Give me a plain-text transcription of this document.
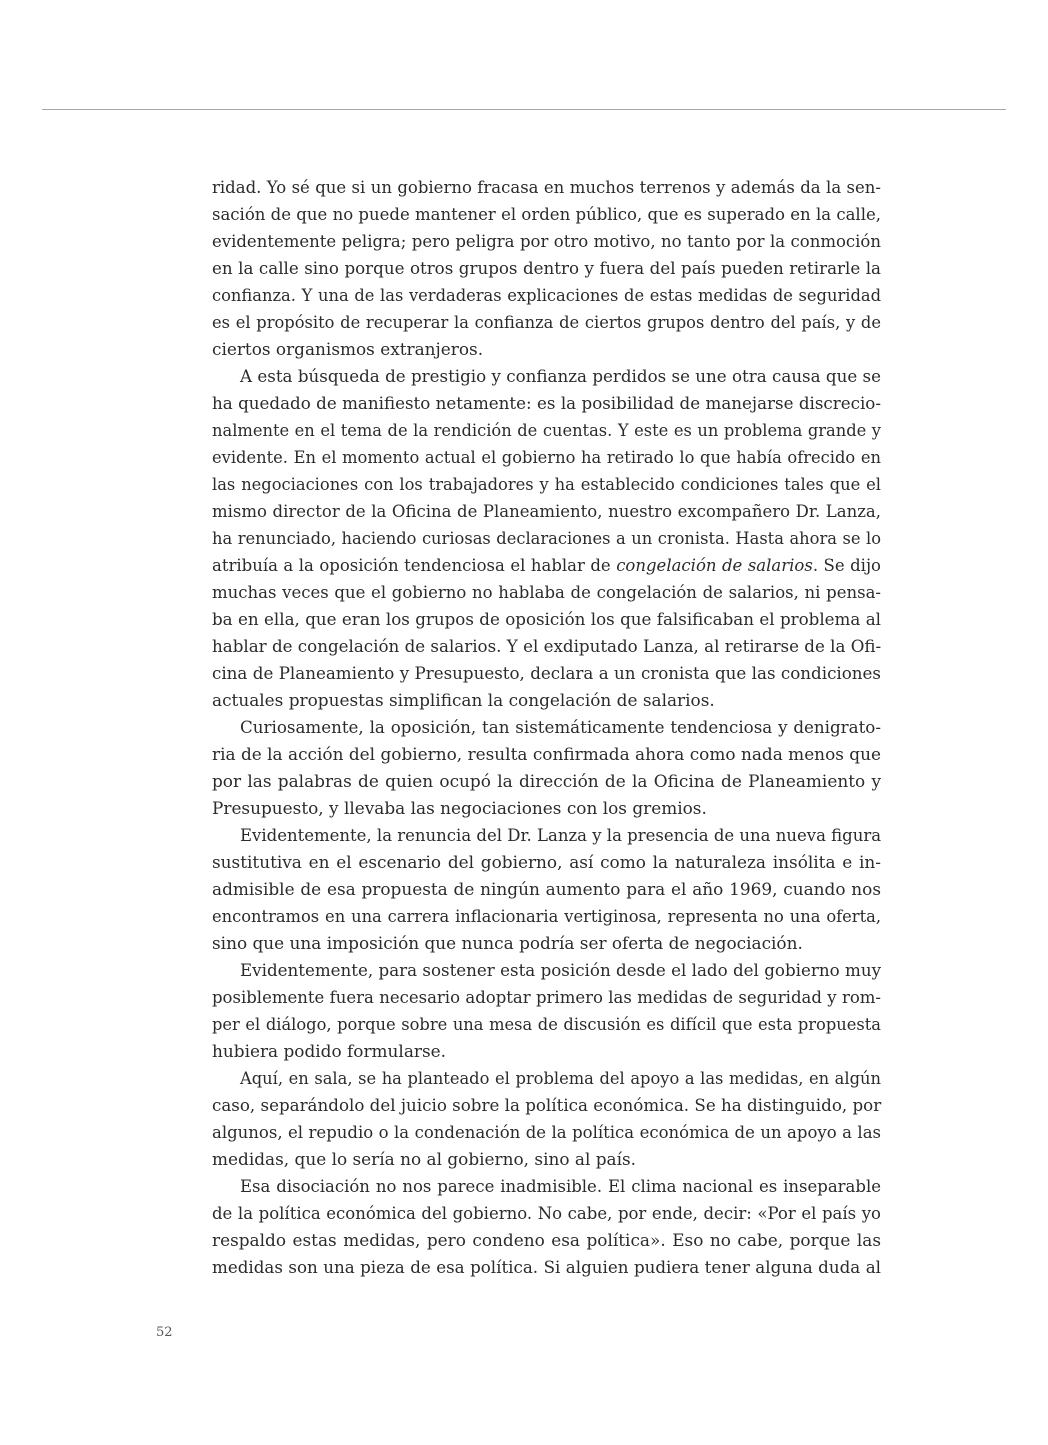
ridad. Yo sé que si un gobierno fracasa en muchos terrenos y además da la sen-

sación de que no puede mantener el orden público, que es superado en la calle,

evidentemente peligra; pero peligra por otro motivo, no tanto por la conmoción

en la calle sino porque otros grupos dentro y fuera del país pueden retirarle la

confianza. Y una de las verdaderas explicaciones de estas medidas de seguridad

es el propósito de recuperar la confianza de ciertos grupos dentro del país, y de

ciertos organismos extranjeros.

A esta búsqueda de prestigio y confianza perdidos se une otra causa que se

ha quedado de manifiesto netamente: es la posibilidad de manejarse discrecio-

nalmente en el tema de la rendición de cuentas. Y este es un problema grande y

evidente. En el momento actual el gobierno ha retirado lo que había ofrecido en

las negociaciones con los trabajadores y ha establecido condiciones tales que el

mismo director de la Oficina de Planeamiento, nuestro excompañero Dr. Lanza,

ha renunciado, haciendo curiosas declaraciones a un cronista. Hasta ahora se lo

atribuía a la oposición tendenciosa el hablar de congelación de salarios. Se dijo

muchas veces que el gobierno no hablaba de congelación de salarios, ni pensa-

ba en ella, que eran los grupos de oposición los que falsificaban el problema al

hablar de congelación de salarios. Y el exdiputado Lanza, al retirarse de la Ofi-

cina de Planeamiento y Presupuesto, declara a un cronista que las condiciones

actuales propuestas simplifican la congelación de salarios.

Curiosamente, la oposición, tan sistemáticamente tendenciosa y denigrato-

ria de la acción del gobierno, resulta confirmada ahora como nada menos que

por las palabras de quien ocupó la dirección de la Oficina de Planeamiento y

Presupuesto, y llevaba las negociaciones con los gremios.

Evidentemente, la renuncia del Dr. Lanza y la presencia de una nueva figura

sustitutiva en el escenario del gobierno, así como la naturaleza insólita e in-

admisible de esa propuesta de ningún aumento para el año 1969, cuando nos

encontramos en una carrera inflacionaria vertiginosa, representa no una oferta,

sino que una imposición que nunca podría ser oferta de negociación.

Evidentemente, para sostener esta posición desde el lado del gobierno muy

posiblemente fuera necesario adoptar primero las medidas de seguridad y rom-

per el diálogo, porque sobre una mesa de discusión es difícil que esta propuesta

hubiera podido formularse.

Aquí, en sala, se ha planteado el problema del apoyo a las medidas, en algún

caso, separándolo del juicio sobre la política económica. Se ha distinguido, por

algunos, el repudio o la condenación de la política económica de un apoyo a las

medidas, que lo sería no al gobierno, sino al país.

Esa disociación no nos parece inadmisible. El clima nacional es inseparable

de la política económica del gobierno. No cabe, por ende, decir: «Por el país yo

respaldo estas medidas, pero condeno esa política». Eso no cabe, porque las

medidas son una pieza de esa política. Si alguien pudiera tener alguna duda al

52
